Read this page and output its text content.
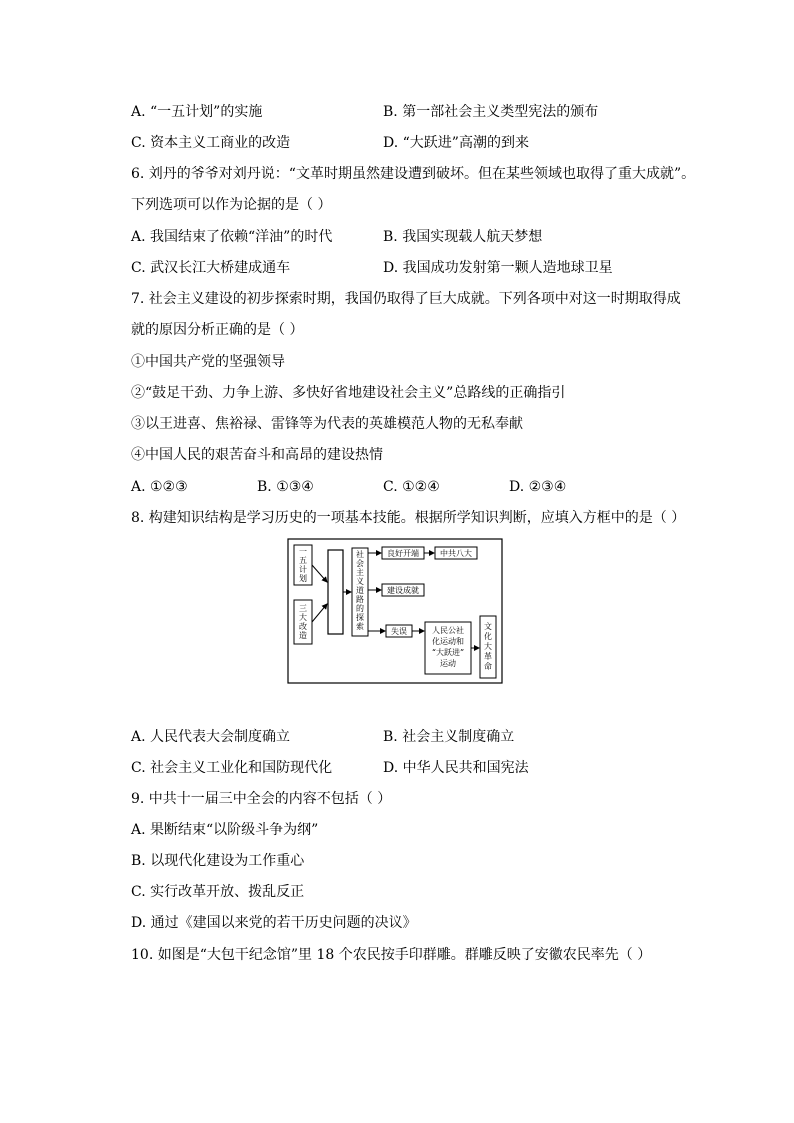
A. “一五计划”的实施	B. 第一部社会主义类型宪法的颁布
C. 资本主义工商业的改造	D. “大跃进”高潮的到来
6. 刘丹的爷爷对刘丹说：“文革时期虽然建设遭到破坏。但在某些领域也取得了重大成就”。
下列选项可以作为论据的是（ ）
A. 我国结束了依赖“洋油”的时代	B. 我国实现载人航天梦想
C. 武汉长江大桥建成通车	D. 我国成功发射第一颗人造地球卫星
7. 社会主义建设的初步探索时期，我国仍取得了巨大成就。下列各项中对这一时期取得成
就的原因分析正确的是（ ）
①中国共产党的坚强领导
②“鼓足干劲、力争上游、多快好省地建设社会主义”总路线的正确指引
③以王进喜、焦裕禄、雷锋等为代表的英雄模范人物的无私奉献
④中国人民的艰苦奋斗和高昂的建设热情
A. ①②③	B. ①③④	C. ①②④	D. ②③④
8. 构建知识结构是学习历史的一项基本技能。根据所学知识判断，应填入方框中的是（ ）
一
五
计
划
三
大
改
造
社
会
主
义
道
路
的
探
索
良好开端	中共八大
建设成就
失误	人民公社
化运动和
“大跃进”
运动
文
化
大
革
命
A. 人民代表大会制度确立	B. 社会主义制度确立
C. 社会主义工业化和国防现代化	D. 中华人民共和国宪法
9. 中共十一届三中全会的内容不包括（ ）
A. 果断结束“以阶级斗争为纲”
B. 以现代化建设为工作重心
C. 实行改革开放、拨乱反正
D. 通过《建国以来党的若干历史问题的决议》
10. 如图是“大包干纪念馆”里 18 个农民按手印群雕。群雕反映了安徽农民率先（ ）
